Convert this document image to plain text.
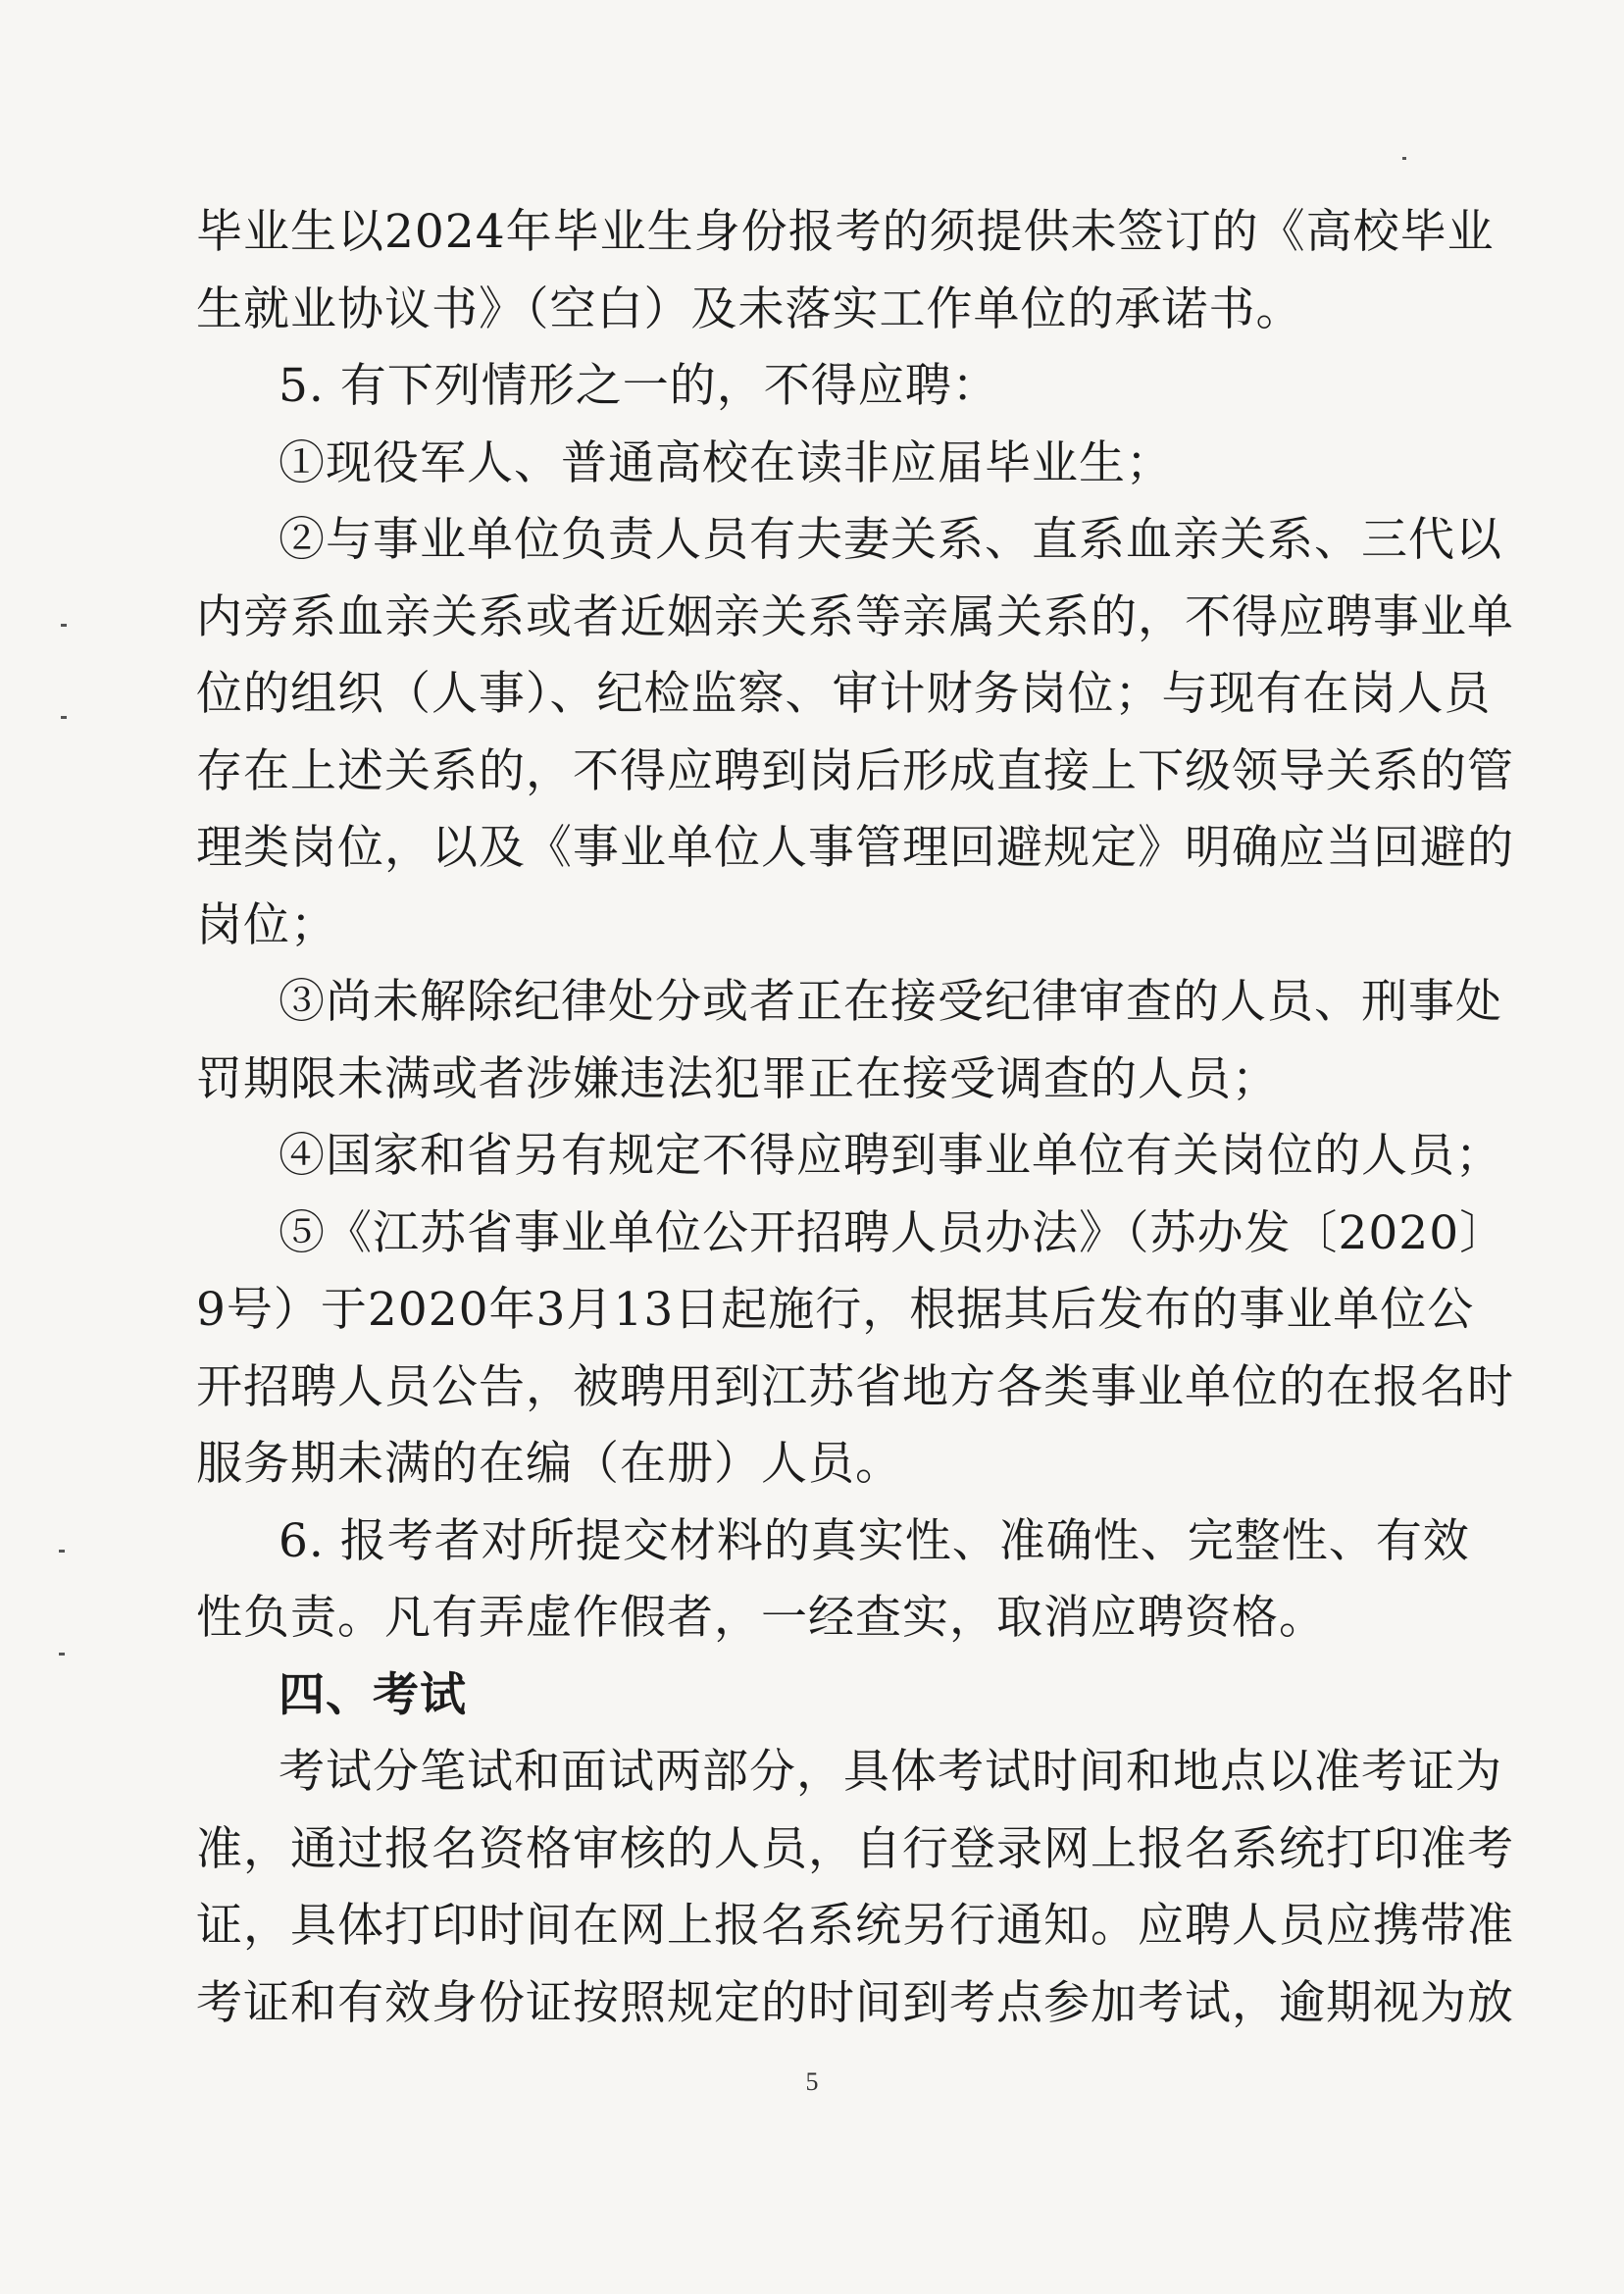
毕业生以2024年毕业生身份报考的须提供未签订的《高校毕业
生就业协议书》（空白）及未落实工作单位的承诺书。
5. 有下列情形之一的，不得应聘：
①现役军人、普通高校在读非应届毕业生；
②与事业单位负责人员有夫妻关系、直系血亲关系、三代以
内旁系血亲关系或者近姻亲关系等亲属关系的，不得应聘事业单
位的组织（人事）、纪检监察、审计财务岗位；与现有在岗人员
存在上述关系的，不得应聘到岗后形成直接上下级领导关系的管
理类岗位，以及《事业单位人事管理回避规定》明确应当回避的
岗位；
③尚未解除纪律处分或者正在接受纪律审查的人员、刑事处
罚期限未满或者涉嫌违法犯罪正在接受调查的人员；
④国家和省另有规定不得应聘到事业单位有关岗位的人员；
⑤《江苏省事业单位公开招聘人员办法》（苏办发〔2020〕
9号）于2020年3月13日起施行，根据其后发布的事业单位公
开招聘人员公告，被聘用到江苏省地方各类事业单位的在报名时
服务期未满的在编（在册）人员。
6. 报考者对所提交材料的真实性、准确性、完整性、有效
性负责。凡有弄虚作假者，一经查实，取消应聘资格。
四、考试
考试分笔试和面试两部分，具体考试时间和地点以准考证为
准，通过报名资格审核的人员，自行登录网上报名系统打印准考
证，具体打印时间在网上报名系统另行通知。应聘人员应携带准
考证和有效身份证按照规定的时间到考点参加考试，逾期视为放
5
